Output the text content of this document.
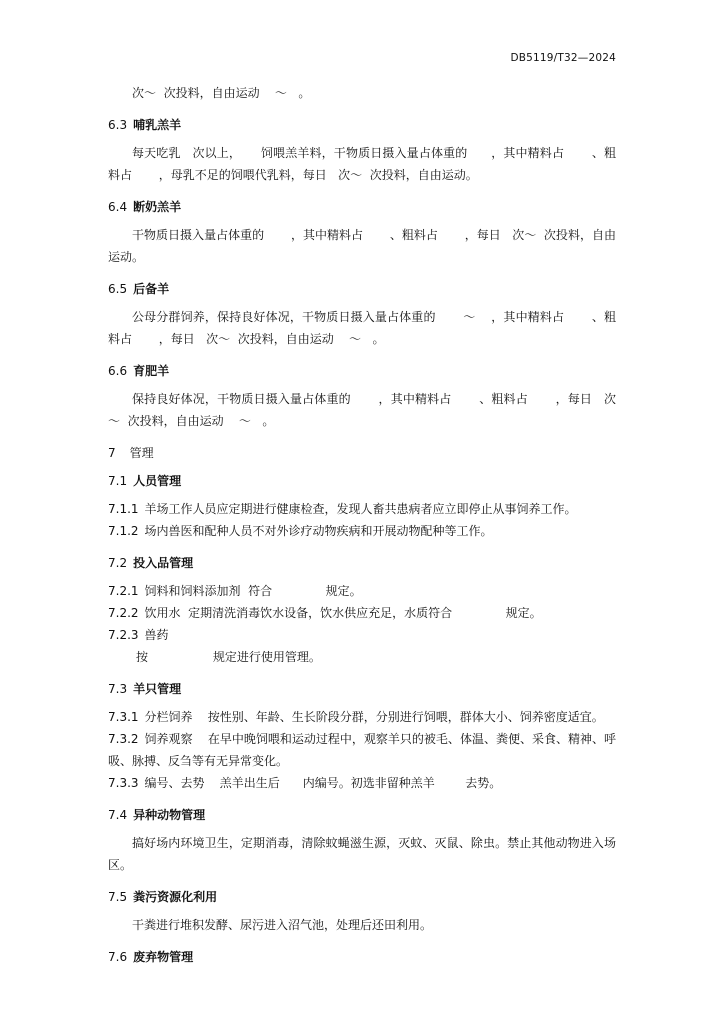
DB5119/T32—2024

次～  次投料，自由运动    ～   。

6.3 哺乳羔羊

每天吃乳   次以上，     饲喂羔羊料，干物质日摄入量占体重的      ，其中精料占       、粗料占       ，母乳不足的饲喂代乳料，每日   次～  次投料，自由运动。

6.4 断奶羔羊

干物质日摄入量占体重的       ，其中精料占       、粗料占       ，每日   次～  次投料，自由运动。

6.5 后备羊

公母分群饲养，保持良好体况，干物质日摄入量占体重的       ～    ，其中精料占       、粗料占       ，每日   次～  次投料，自由运动    ～   。

6.6 育肥羊

保持良好体况，干物质日摄入量占体重的       ，其中精料占       、粗料占       ，每日   次～  次投料，自由运动    ～   。

7 管理

7.1 人员管理

7.1.1 羊场工作人员应定期进行健康检查，发现人畜共患病者应立即停止从事饲养工作。

7.1.2 场内兽医和配种人员不对外诊疗动物疾病和开展动物配种等工作。

7.2 投入品管理

7.2.1 饲料和饲料添加剂  符合              规定。

7.2.2 饮用水  定期清洗消毒饮水设备，饮水供应充足，水质符合              规定。

7.2.3 兽药

按                 规定进行使用管理。

7.3 羊只管理

7.3.1 分栏饲养    按性别、年龄、生长阶段分群，分别进行饲喂，群体大小、饲养密度适宜。

7.3.2 饲养观察    在早中晚饲喂和运动过程中，观察羊只的被毛、体温、粪便、采食、精神、呼吸、脉搏、反刍等有无异常变化。

7.3.3 编号、去势    羔羊出生后      内编号。初选非留种羔羊        去势。

7.4 异种动物管理

搞好场内环境卫生，定期消毒，清除蚊蝇滋生源，灭蚊、灭鼠、除虫。禁止其他动物进入场区。

7.5 粪污资源化利用

干粪进行堆积发酵、尿污进入沼气池，处理后还田利用。

7.6 废弃物管理
